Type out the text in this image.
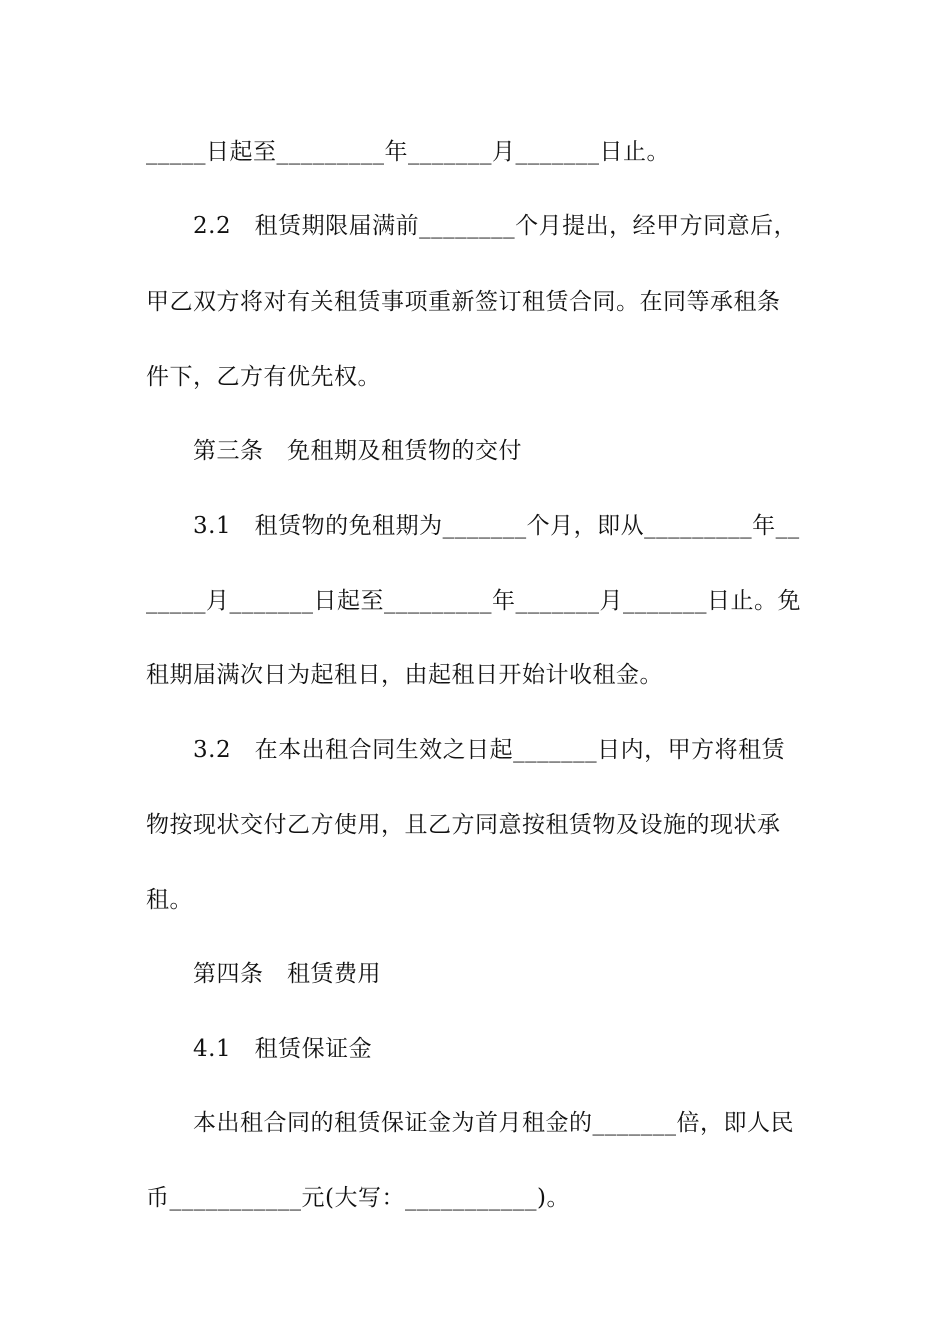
_____日起至_________年_______月_______日止。
2.2　租赁期限届满前________个月提出，经甲方同意后，
甲乙双方将对有关租赁事项重新签订租赁合同。在同等承租条
件下，乙方有优先权。
第三条　免租期及租赁物的交付
3.1　租赁物的免租期为_______个月，即从_________年__
_____月_______日起至_________年_______月_______日止。免
租期届满次日为起租日，由起租日开始计收租金。
3.2　在本出租合同生效之日起_______日内，甲方将租赁
物按现状交付乙方使用，且乙方同意按租赁物及设施的现状承
租。
第四条　租赁费用
4.1　租赁保证金
本出租合同的租赁保证金为首月租金的_______倍，即人民
币___________元(大写：___________)。
